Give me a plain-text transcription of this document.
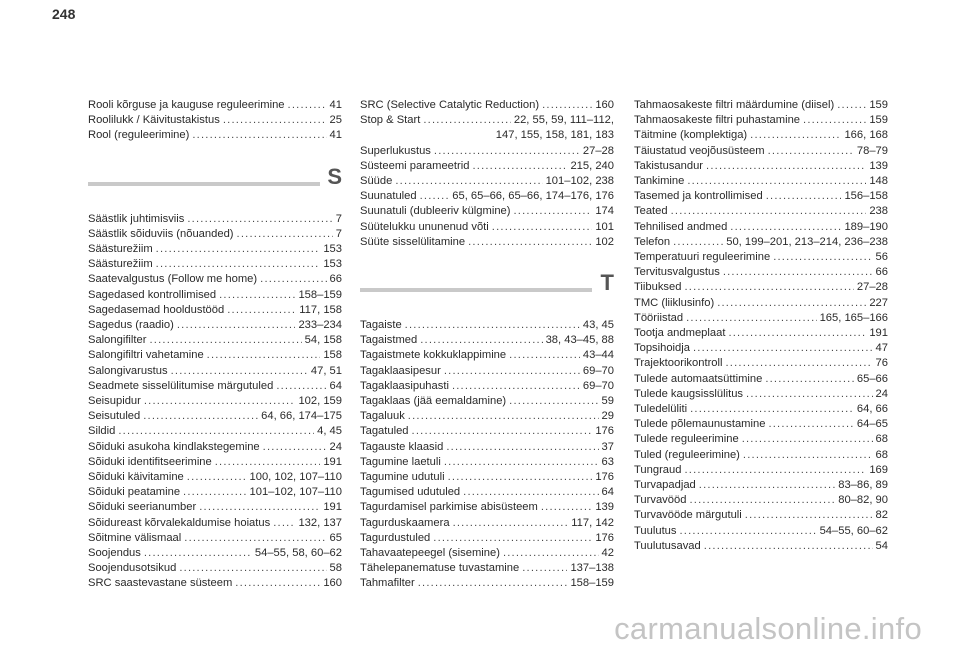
248
Rooli kõrguse ja kauguse reguleerimine .....	41
Roolilukk / Käivitustakistus .....	25
Rool (reguleerimine) .....	41
S
Säästlik juhtimisviis .....	7
Säästlik sõiduviis (nõuanded) .....	7
Säästurežiim .....	153
Säästurežiim .....	153
Saatevalgustus (Follow me home) .....	66
Sagedased kontrollimised .....	158–159
Sagedasemad hooldustööd .....	117, 158
Sagedus (raadio) .....	233–234
Salongifilter .....	54, 158
Salongifiltri vahetamine .....	158
Salongivarustus .....	47, 51
Seadmete sisselülitumise märgutuled .....	64
Seisupidur .....	102, 159
Seisutuled .....	64, 66, 174–175
Sildid .....	4, 45
Sõiduki asukoha kindlakstegemine .....	24
Sõiduki identifitseerimine .....	191
Sõiduki käivitamine .....	100, 102, 107–110
Sõiduki peatamine .....	101–102, 107–110
Sõiduki seerianumber .....	191
Sõidureast kõrvalekaldumise hoiatus .....	132, 137
Sõitmine välismaal .....	65
Soojendus .....	54–55, 58, 60–62
Soojendusotsikud .....	58
SRC saastevastane süsteem .....	160
SRC (Selective Catalytic Reduction) .....	160
Stop & Start .....	22, 55, 59, 111–112,
147, 155, 158, 181, 183
Superlukustus .....	27–28
Süsteemi parameetrid .....	215, 240
Süüde .....	101–102, 238
Suunatuled .....	65, 65–66, 65–66, 174–176, 176
Suunatuli (dubleeriv külgmine) .....	174
Süütelukku ununenud võti .....	101
Süüte sisselülitamine .....	102
T
Tagaiste .....	43, 45
Tagaistmed .....	38, 43–45, 88
Tagaistmete kokkuklappimine .....	43–44
Tagaklaasipesur .....	69–70
Tagaklaasipuhasti .....	69–70
Tagaklaas (jää eemaldamine) .....	59
Tagaluuk .....	29
Tagatuled .....	176
Tagauste klaasid .....	37
Tagumine laetuli .....	63
Tagumine udutuli .....	176
Tagumised udutuled .....	64
Tagurdamisel parkimise abisüsteem .....	139
Tagurduskaamera .....	117, 142
Tagurdustuled .....	176
Tahavaatepeegel (sisemine) .....	42
Tähelepanematuse tuvastamine .....	137–138
Tahmafilter .....	158–159
Tahmaosakeste filtri määrdumine (diisel) .....	159
Tahmaosakeste filtri puhastamine .....	159
Täitmine (komplektiga) .....	166, 168
Täiustatud veojõusüsteem .....	78–79
Takistusandur .....	139
Tankimine .....	148
Tasemed ja kontrollimised .....	156–158
Teated .....	238
Tehnilised andmed .....	189–190
Telefon .....	50, 199–201, 213–214, 236–238
Temperatuuri reguleerimine .....	56
Tervitusvalgustus .....	66
Tiibuksed .....	27–28
TMC (liiklusinfo) .....	227
Tööriistad .....	165, 165–166
Tootja andmeplaat .....	191
Topsihoidja .....	47
Trajektoorikontroll .....	76
Tulede automaatsüttimine .....	65–66
Tulede kaugsisslülitus .....	24
Tuledelüliti .....	64, 66
Tulede põlemaunustamine .....	64–65
Tulede reguleerimine .....	68
Tuled (reguleerimine) .....	68
Tungraud .....	169
Turvapadjad .....	83–86, 89
Turvavööd .....	80–82, 90
Turvavööde märgutuli .....	82
Tuulutus .....	54–55, 60–62
Tuulutusavad .....	54
carmanualsonline.info
